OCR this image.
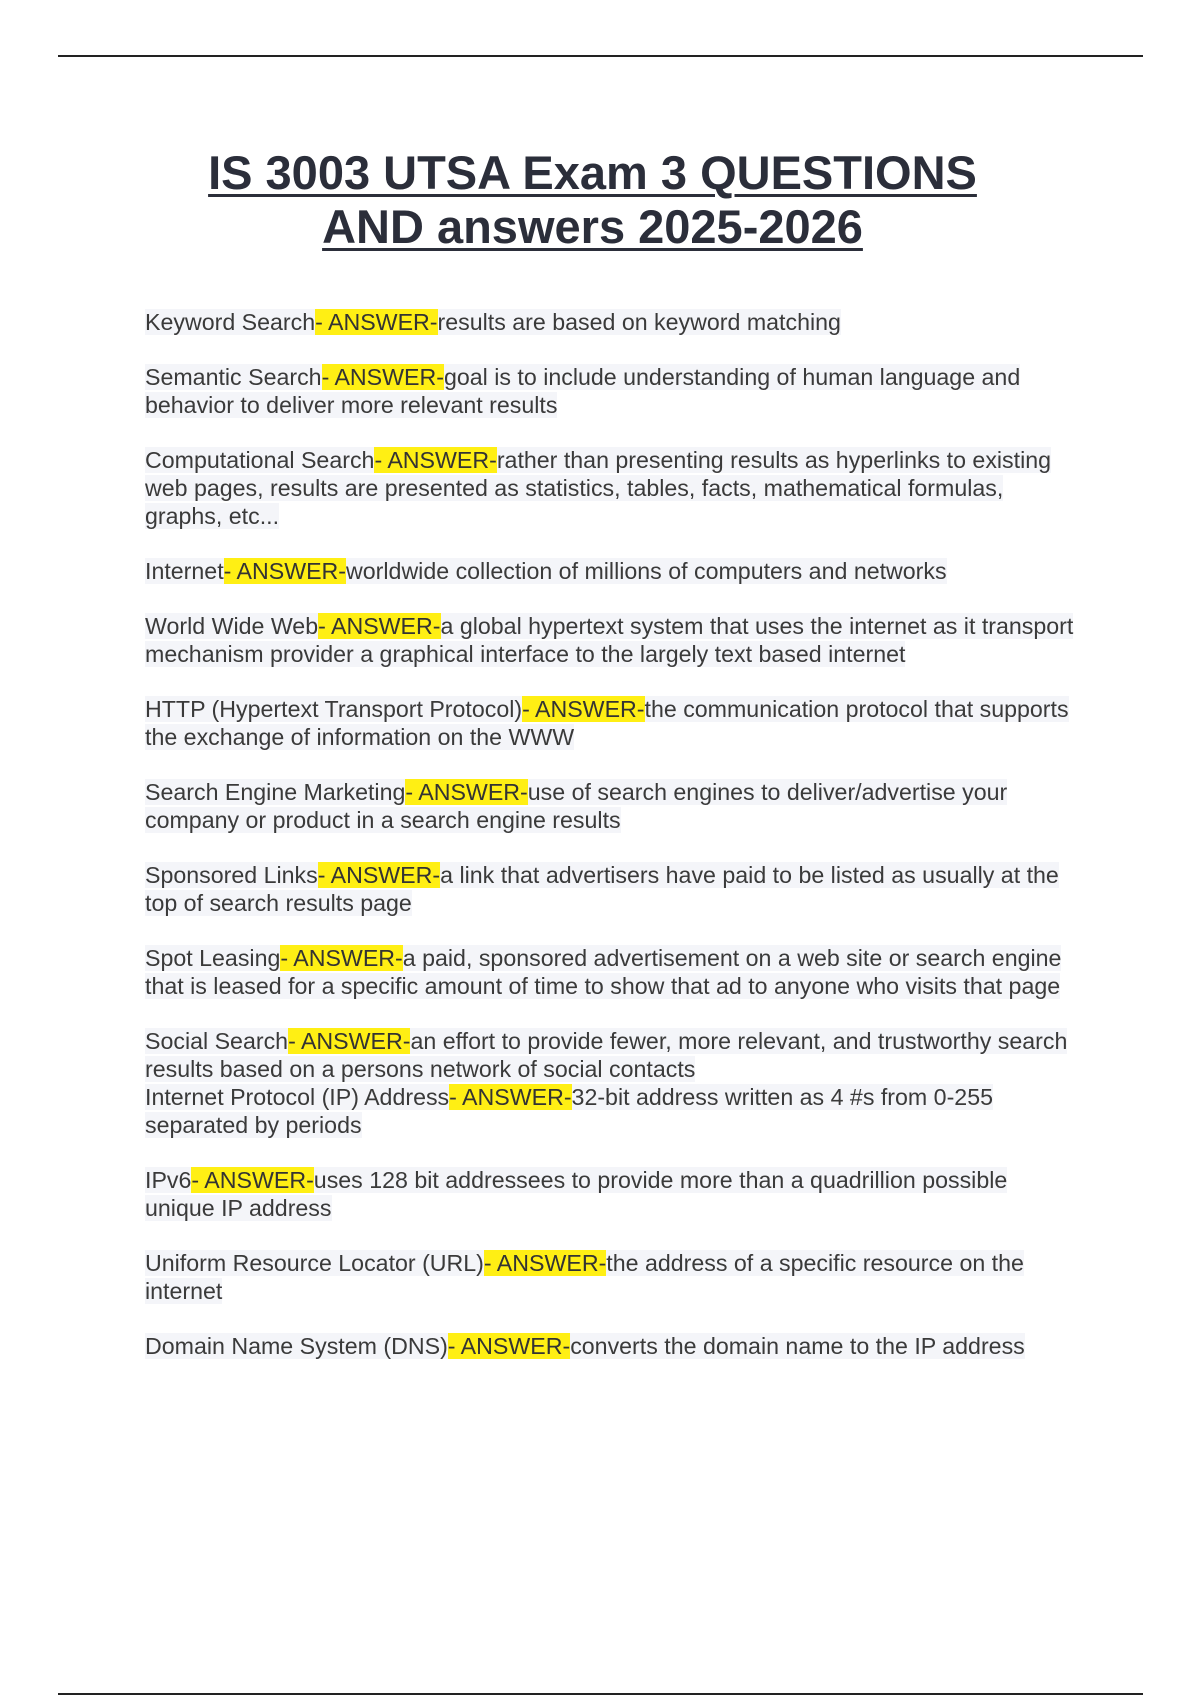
IS 3003 UTSA Exam 3 QUESTIONS
AND answers 2025-2026

Keyword Search- ANSWER-results are based on keyword matching

Semantic Search- ANSWER-goal is to include understanding of human language and behavior to deliver more relevant results

Computational Search- ANSWER-rather than presenting results as hyperlinks to existing web pages, results are presented as statistics, tables, facts, mathematical formulas, graphs, etc...

Internet- ANSWER-worldwide collection of millions of computers and networks

World Wide Web- ANSWER-a global hypertext system that uses the internet as it transport mechanism provider a graphical interface to the largely text based internet

HTTP (Hypertext Transport Protocol)- ANSWER-the communication protocol that supports the exchange of information on the WWW

Search Engine Marketing- ANSWER-use of search engines to deliver/advertise your company or product in a search engine results

Sponsored Links- ANSWER-a link that advertisers have paid to be listed as usually at the top of search results page

Spot Leasing- ANSWER-a paid, sponsored advertisement on a web site or search engine that is leased for a specific amount of time to show that ad to anyone who visits that page

Social Search- ANSWER-an effort to provide fewer, more relevant, and trustworthy search results based on a persons network of social contacts

Internet Protocol (IP) Address- ANSWER-32-bit address written as 4 #s from 0-255 separated by periods

IPv6- ANSWER-uses 128 bit addressees to provide more than a quadrillion possible unique IP address

Uniform Resource Locator (URL)- ANSWER-the address of a specific resource on the internet

Domain Name System (DNS)- ANSWER-converts the domain name to the IP address
